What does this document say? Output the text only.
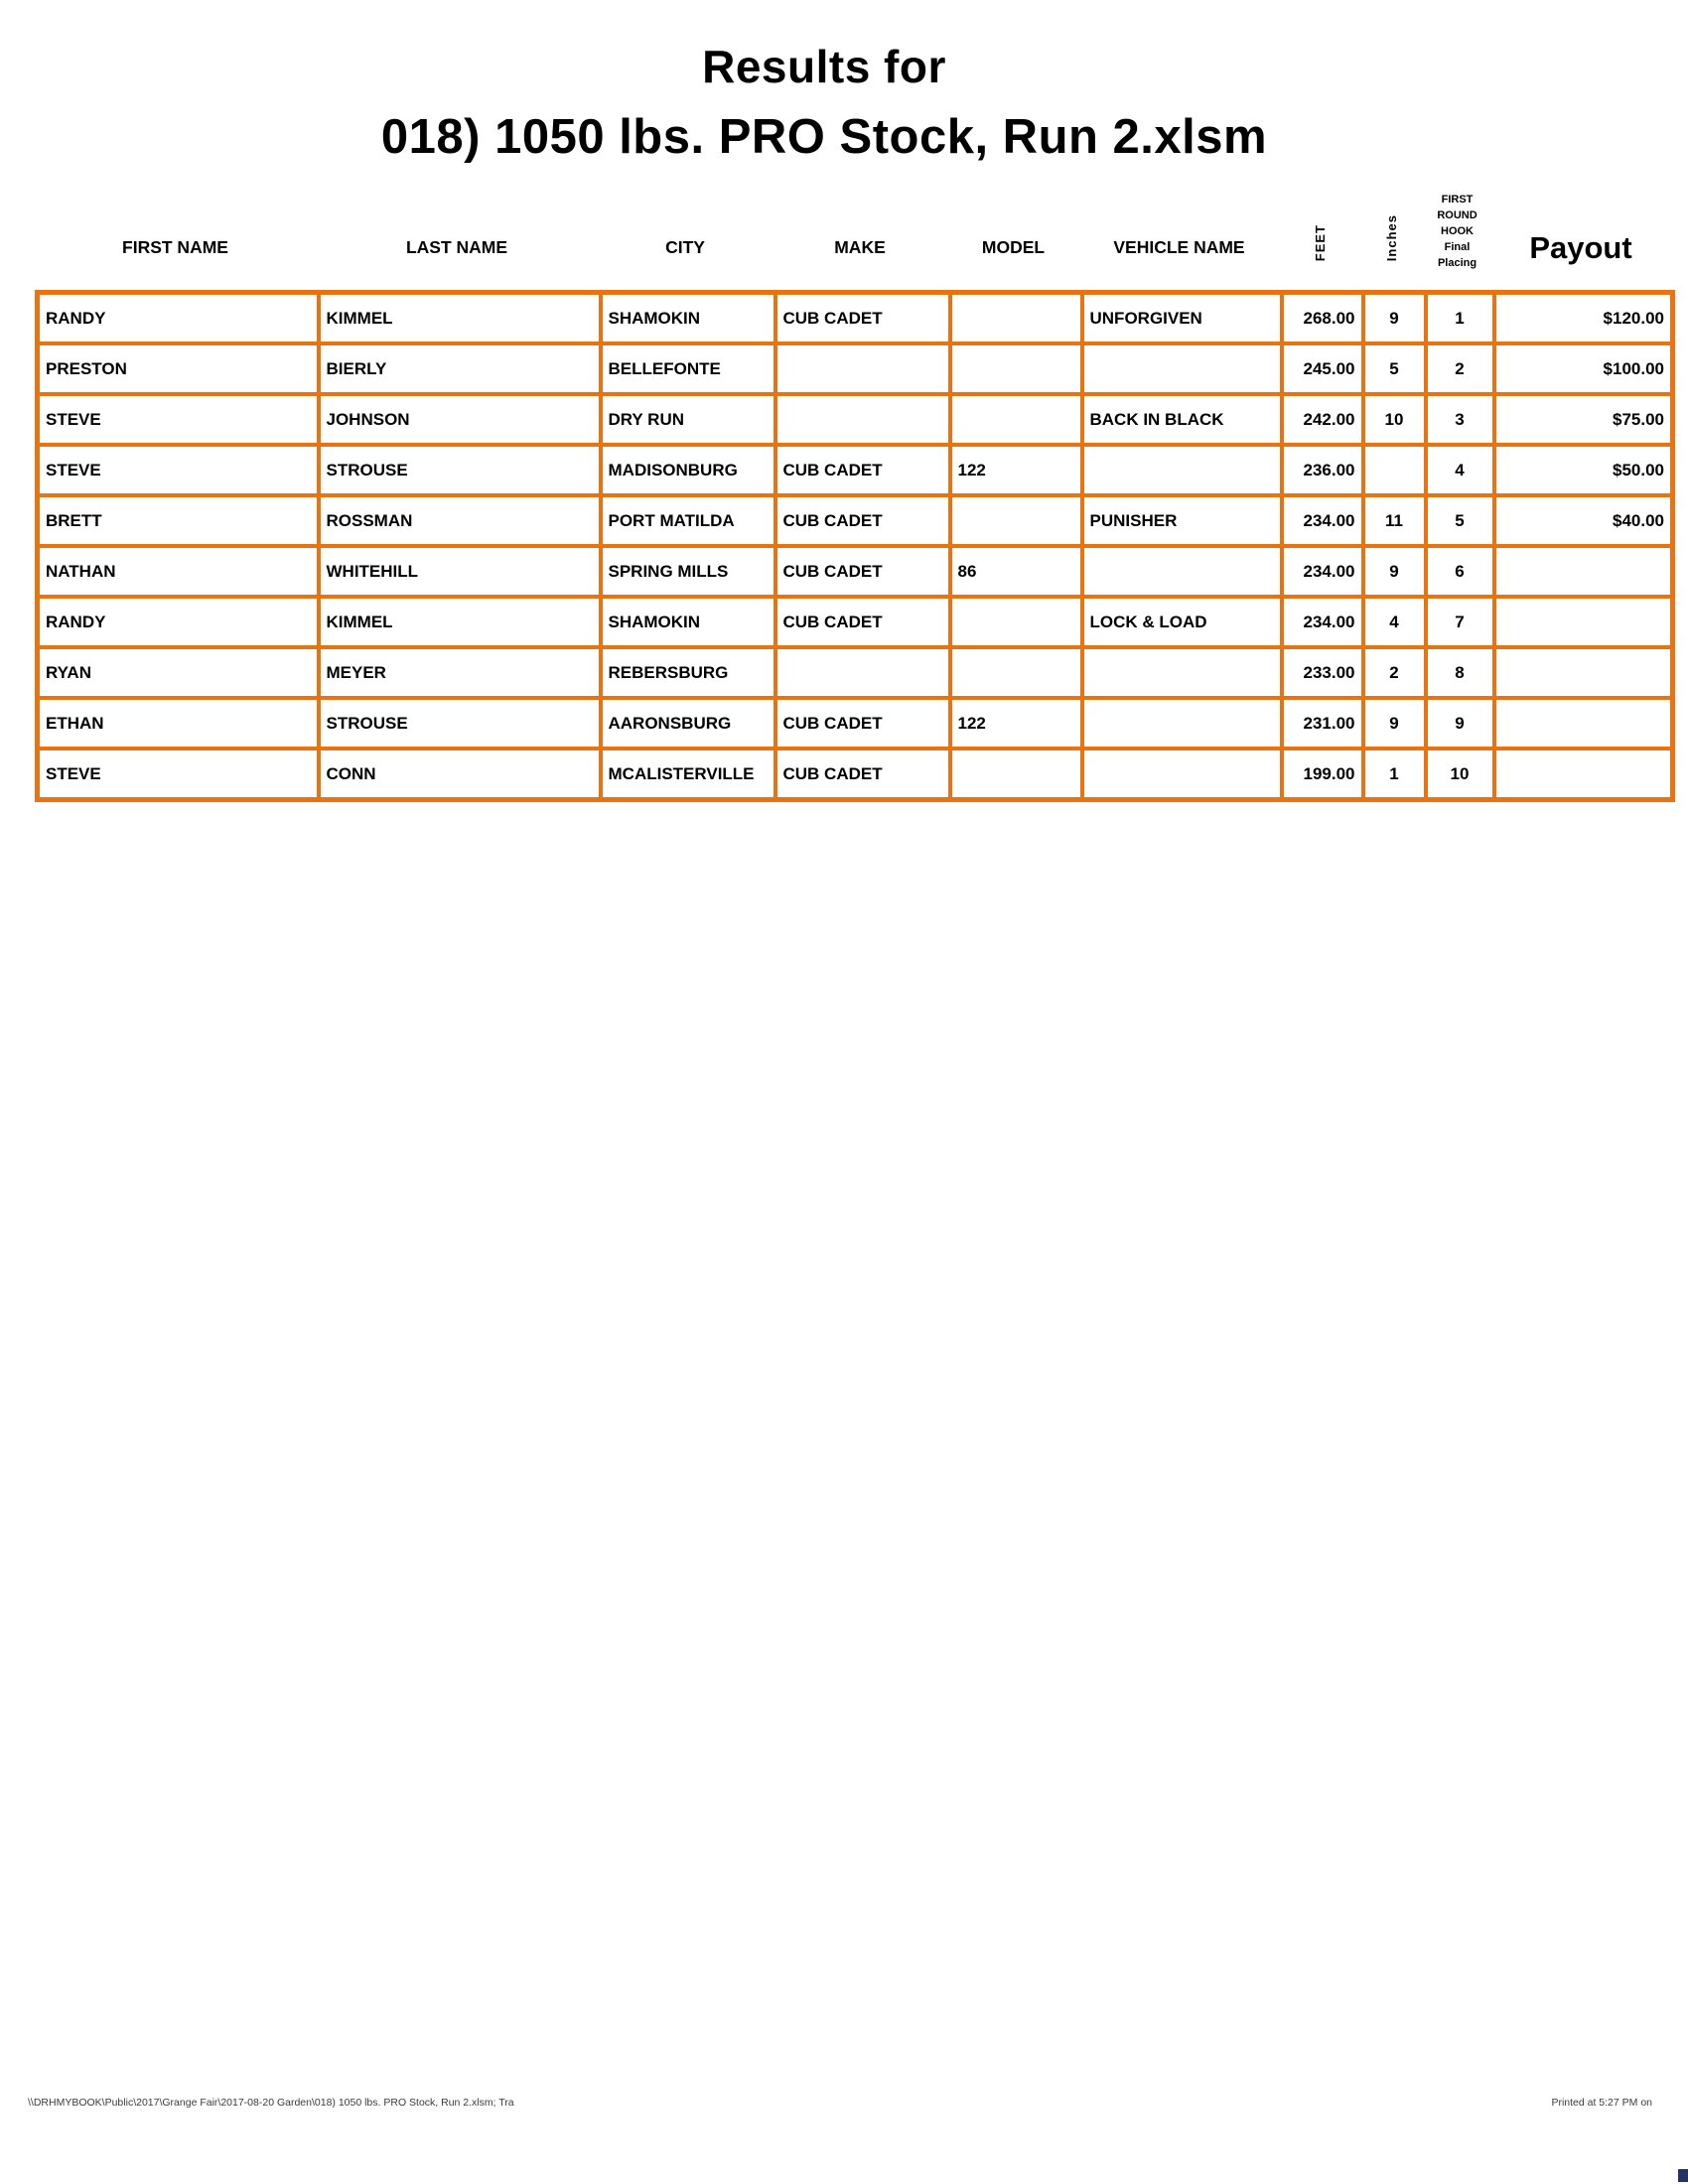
Results for
018) 1050 lbs. PRO Stock, Run 2.xlsm
FIRST NAME	LAST NAME	CITY	MAKE	MODEL	VEHICLE NAME	FEET	Inches	
FIRST
ROUND
HOOK
Final
Placing	Payout
RANDY	KIMMEL	SHAMOKIN	CUB CADET		UNFORGIVEN	268.00	9	1	$120.00
PRESTON	BIERLY	BELLEFONTE				245.00	5	2	$100.00
STEVE	JOHNSON	DRY RUN			BACK IN BLACK	242.00	10	3	$75.00
STEVE	STROUSE	MADISONBURG	CUB CADET	122		236.00		4	$50.00
BRETT	ROSSMAN	PORT MATILDA	CUB CADET		PUNISHER	234.00	11	5	$40.00
NATHAN	WHITEHILL	SPRING MILLS	CUB CADET	86		234.00	9	6	
RANDY	KIMMEL	SHAMOKIN	CUB CADET		LOCK & LOAD	234.00	4	7	
RYAN	MEYER	REBERSBURG				233.00	2	8	
ETHAN	STROUSE	AARONSBURG	CUB CADET	122		231.00	9	9	
STEVE	CONN	MCALISTERVILLE	CUB CADET			199.00	1	10	
\\DRHMYBOOK\Public\2017\Grange Fair\2017-08-20 Garden\018) 1050 lbs. PRO Stock, Run 2.xlsm; Tra	Printed at 5:27 PM on
